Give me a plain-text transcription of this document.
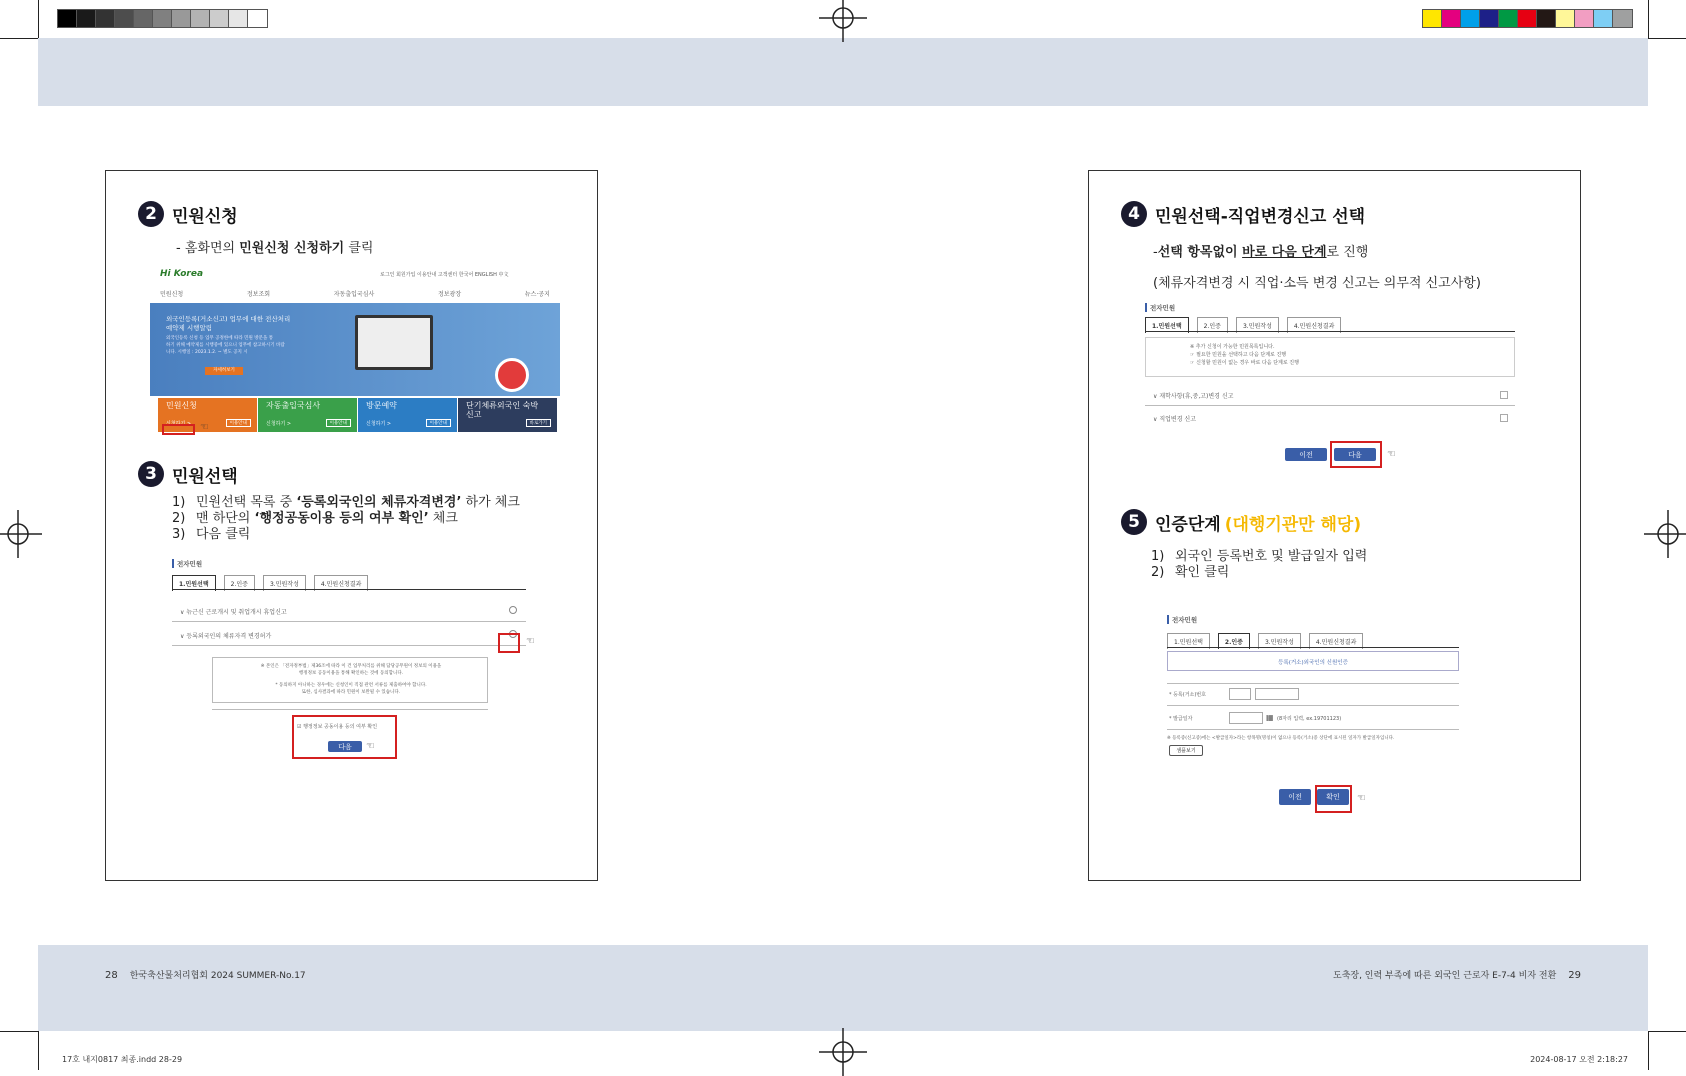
2 민원신청
- 홈화면의 민원신청 신청하기 클릭
Hi Korea	로그인 회원가입 이용안내 고객센터 한국어 ENGLISH 中文
민원신청	정보조회	자동출입국심사	정보광장	뉴스·공지
외국인등록(거소신고) 업무에 대한 전산처리
예약제 시행알림
외국인등록 신청 등 업무 공정한에 따라 민원 방문을 통
하기 위해 예약제를 시행중에 있으니 업무에 참고하시기 바랍
니다. 시행일 : 2023.1.2. ~ 별도 공지 시
자세히보기
민원신청
신청하기 >	이용안내
자동출입국심사
신청하기 >	이용안내
방문예약
신청하기 >	이용안내
단기체류외국인 숙박
신고
바로가기
☜
3 민원선택
1) 민원선택 목록 중 ‘등록외국인의 체류자격변경’ 하가 체크
2) 맨 하단의 ‘행정공동이용 등의 여부 확인’ 체크
3) 다음 클릭
전자민원
1.민원선택	2.인증	3.민원작성	4.민원신청결과
∨ 뉴근신 근로개시 및 취업개시 휴업신고
∨ 등록외국인의 체류자격 변경허가
※ 본인은 「전자정부법」제36조에 따라 이 건 업무처리를 위해 담당공무원이 정보의 이용을
행정정보 공동이용을 통해 확인하는 것에 동의합니다.
* 동의하지 아니하는 경우에는 신청인이 직접 관련 서류를 제출하여야 합니다.
또한, 심사결과에 따라 민원이 보완될 수 있습니다.
☑ 행정정보 공동이용 등의 여부 확인
다음
☜
☜
4 민원선택-직업변경신고 선택
-선택 항목없이 바로 다음 단계로 진행
(체류자격변경 시 직업·소득 변경 신고는 의무적 신고사항)
전자민원
1.민원선택	2.인증	3.민원작성	4.민원신청결과
※ 추가 신청이 가능한 민원목록입니다.
☞ 필요한 민원을 선택하고 다음 단계로 진행
☞ 신청할 민원이 없는 경우 바로 다음 단계로 진행
∨ 재학사항(휴,중,고)변경 신고
∨ 직업변경 신고
이전	다음	☜
5 인증단계 (대행기관만 해당)
1) 외국인 등록번호 및 발급일자 입력
2) 확인 클릭
전자민원
1.민원선택	2.인증	3.민원작성	4.민원신청결과
등록(거소)외국인의 신원인증
* 등록(거소)번호
* 발급일자	▦ (8자리 입력, ex.19701123)
※ 등록증(신고증)에는 <발급일자>라는 항목명(명칭)이 없으나 등록(거소)증 상단에 표시된 일자가 발급일자입니다.
샘플보기
이전	확인	☜
28 한국축산물처리협회 2024 SUMMER-No.17	도축장, 인력 부족에 따른 외국인 근로자 E-7-4 비자 전환 29
17호 내지0817 최종.indd 28-29	2024-08-17 오전 2:18:27
